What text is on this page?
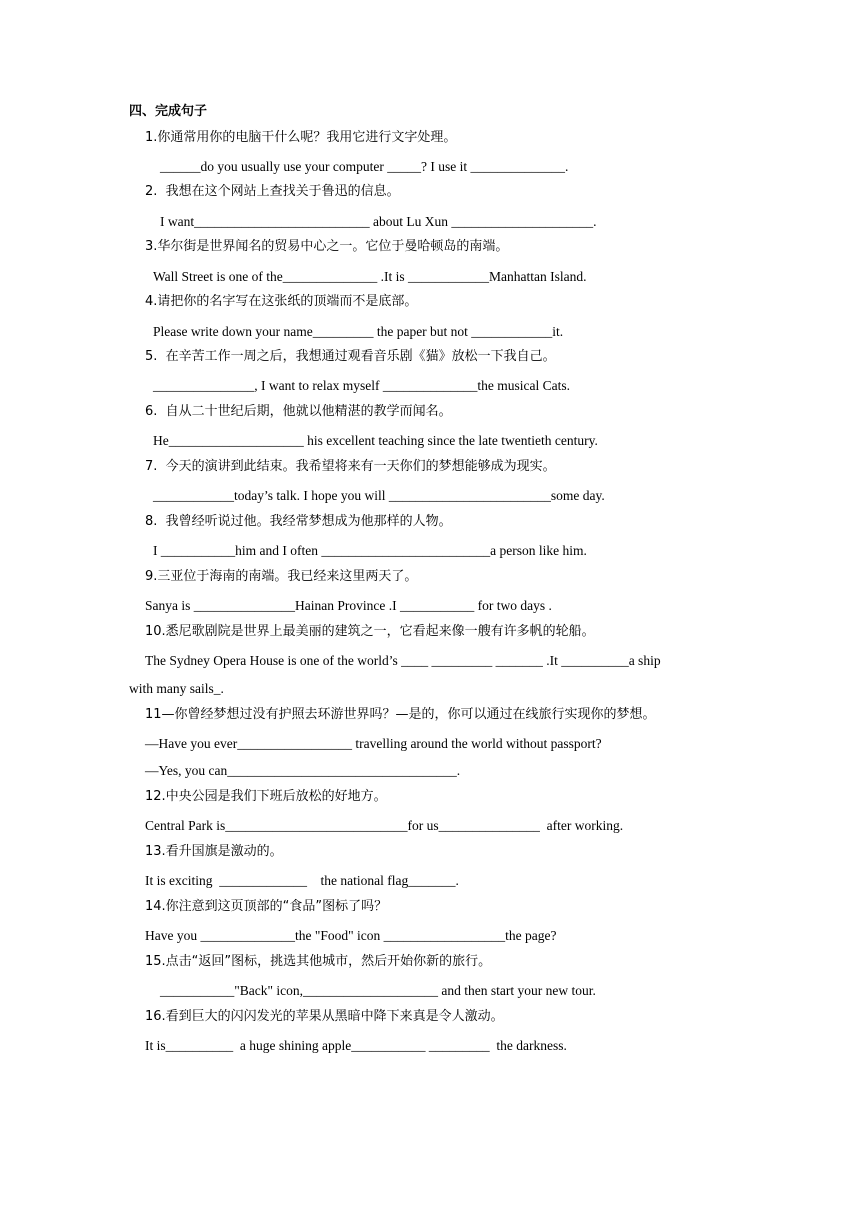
四、完成句子
1.你通常用你的电脑干什么呢？我用它进行文字处理。
______do you usually use your computer _____? I use it ______________.
2.  我想在这个网站上查找关于鲁迅的信息。
I want__________________________ about Lu Xun _____________________.
3.华尔街是世界闻名的贸易中心之一。它位于曼哈顿岛的南端。
Wall Street is one of the______________ .It is ____________Manhattan Island.
4.请把你的名字写在这张纸的顶端而不是底部。
Please write down your name_________ the paper but not ____________it.
5.  在辛苦工作一周之后，我想通过观看音乐剧《猫》放松一下我自己。
_______________, I want to relax myself ______________the musical Cats.
6.  自从二十世纪后期，他就以他精湛的教学而闻名。
He____________________ his excellent teaching since the late twentieth century.
7.  今天的演讲到此结束。我希望将来有一天你们的梦想能够成为现实。
____________today’s talk. I hope you will ________________________some day.
8.  我曾经听说过他。我经常梦想成为他那样的人物。
I ___________him and I often _________________________a person like him.
9.三亚位于海南的南端。我已经来这里两天了。
Sanya is _______________Hainan Province .I ___________ for two days .
10.悉尼歌剧院是世界上最美丽的建筑之一，它看起来像一艘有许多帆的轮船。
The Sydney Opera House is one of the world’s ____ _________ _______ .It __________a ship
with many sails_.
11—你曾经梦想过没有护照去环游世界吗？—是的，你可以通过在线旅行实现你的梦想。
—Have you ever_________________ travelling around the world without passport?
—Yes, you can__________________________________.
12.中央公园是我们下班后放松的好地方。
Central Park is___________________________for us_______________  after working.
13.看升国旗是激动的。
It is exciting  _____________    the national flag_______.
14.你注意到这页顶部的“食品”图标了吗？
Have you ______________the "Food" icon __________________the page?
15.点击“返回”图标，挑选其他城市，然后开始你新的旅行。
___________"Back" icon,____________________ and then start your new tour.
16.看到巨大的闪闪发光的苹果从黑暗中降下来真是令人激动。
It is__________  a huge shining apple___________ _________  the darkness.
